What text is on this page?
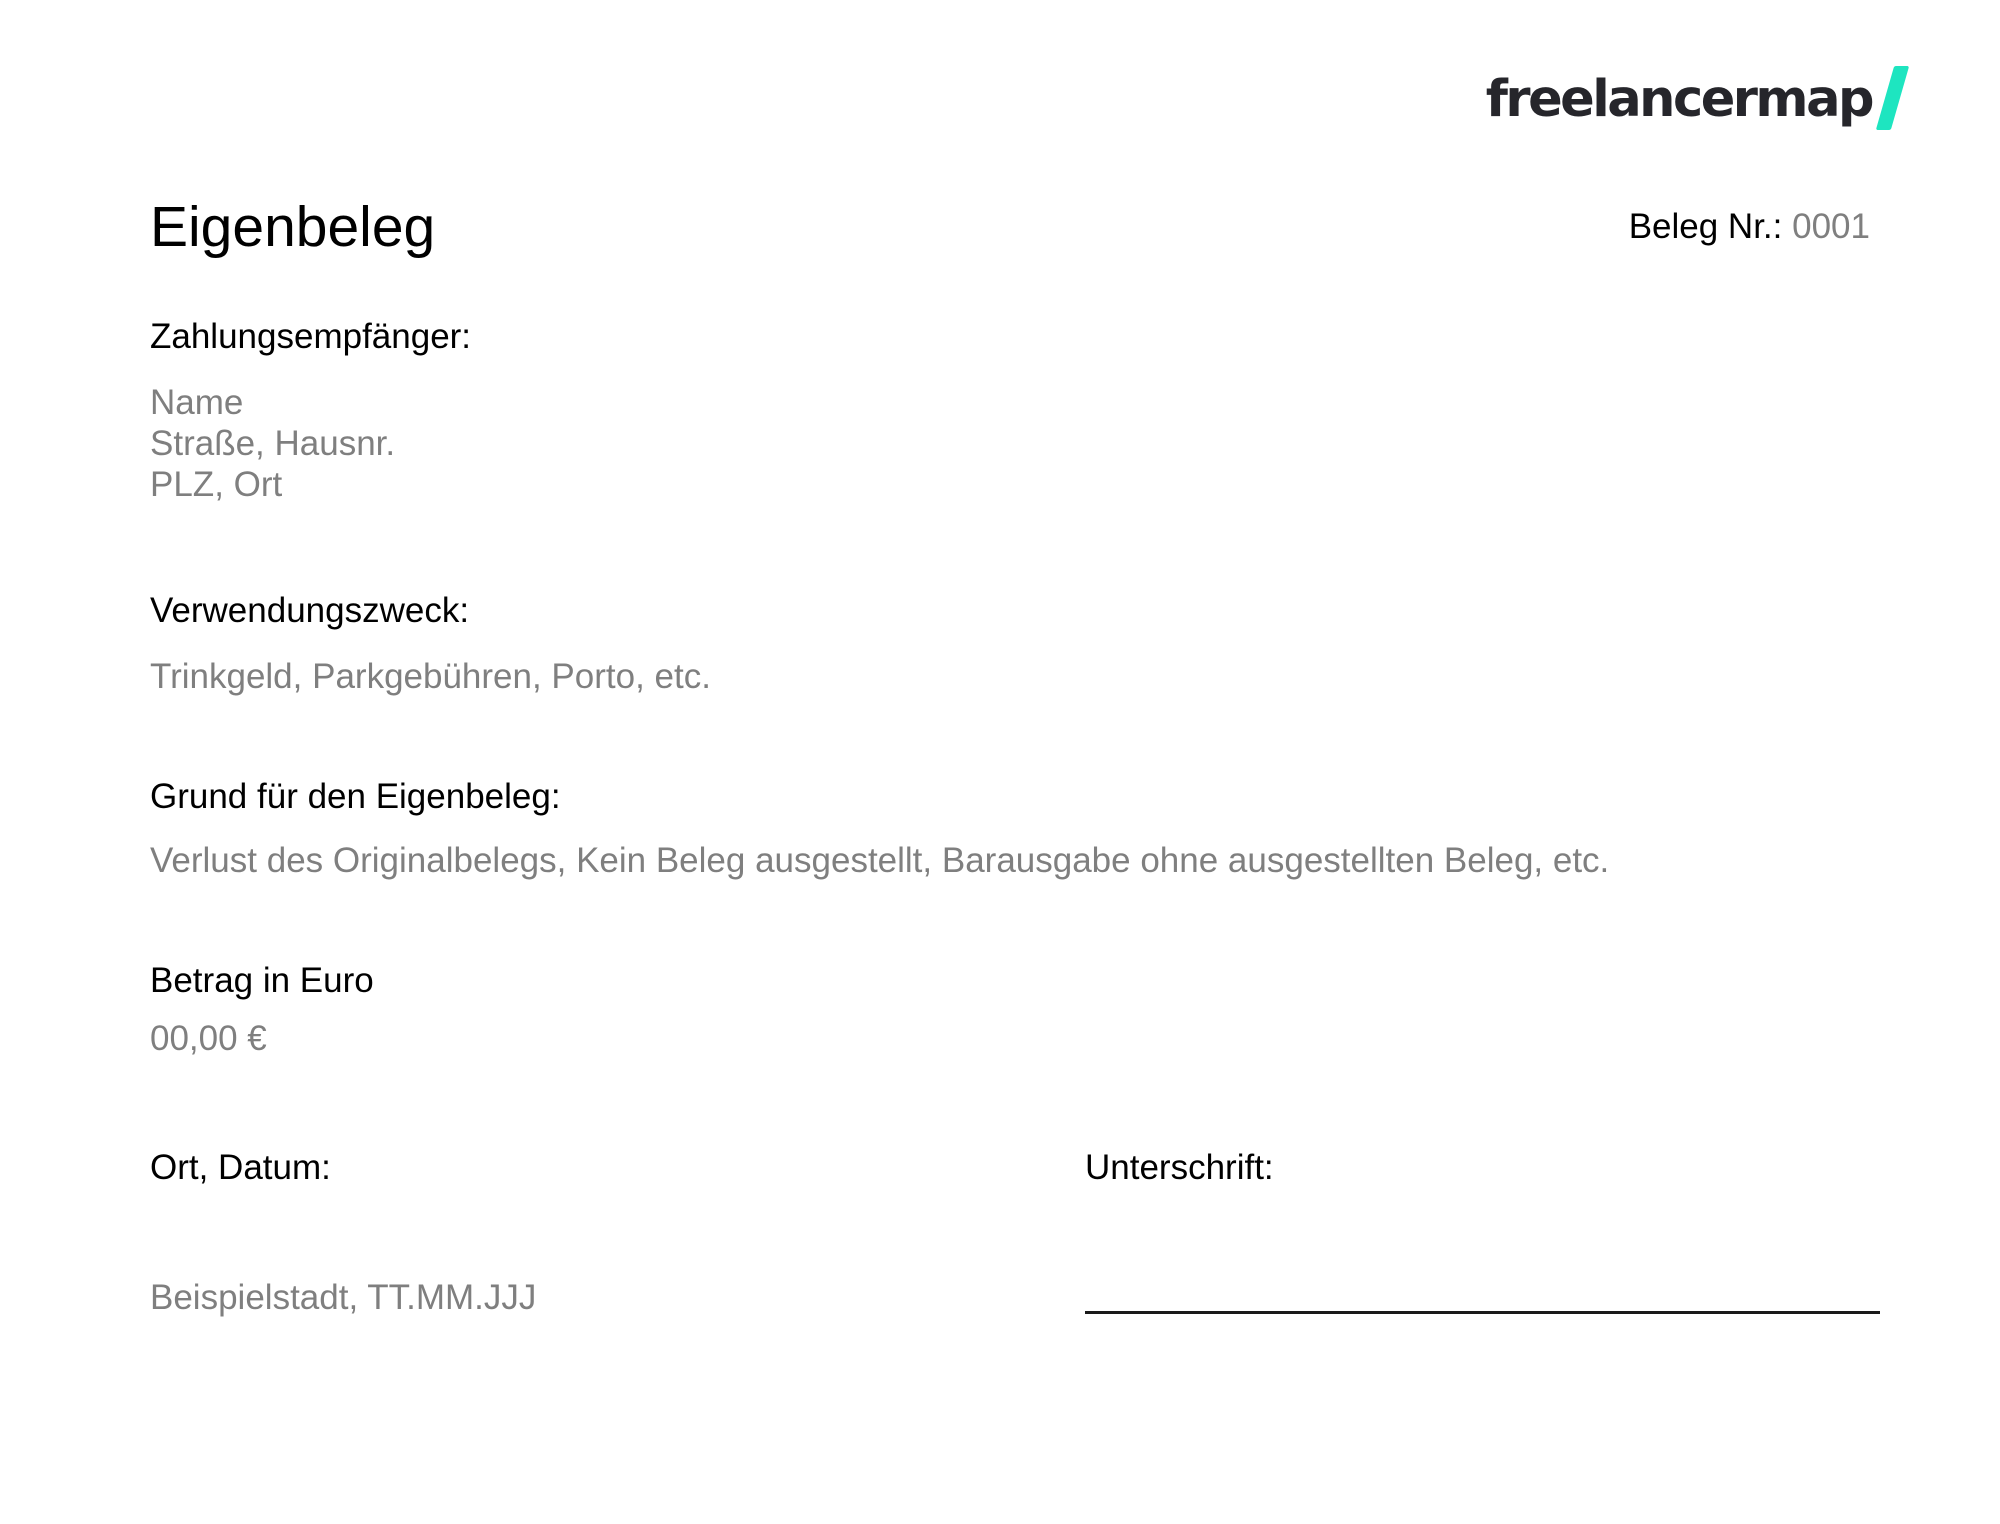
freelancermap
Eigenbeleg	Beleg Nr.: 0001
Zahlungsempfänger:
Name
Straße, Hausnr.
PLZ, Ort
Verwendungszweck:
Trinkgeld, Parkgebühren, Porto, etc.
Grund für den Eigenbeleg:
Verlust des Originalbelegs, Kein Beleg ausgestellt, Barausgabe ohne ausgestellten Beleg, etc.
Betrag in Euro
00,00 €
Ort, Datum:	Unterschrift:
Beispielstadt, TT.MM.JJJ
